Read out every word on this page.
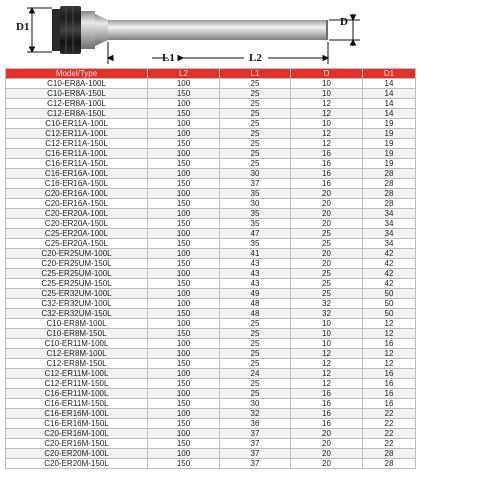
D1	D
L1	L2
Model/Type	L2	L1	D	D1
C10-ER8A-100L	100	25	10	14
C10-ER8A-150L	150	25	10	14
C12-ER8A-100L	100	25	12	14
C12-ER8A-150L	150	25	12	14
C10-ER11A-100L	100	25	10	19
C12-ER11A-100L	100	25	12	19
C12-ER11A-150L	150	25	12	19
C16-ER11A-100L	100	25	16	19
C16-ER11A-150L	150	25	16	19
C16-ER16A-100L	100	30	16	28
C16-ER16A-150L	150	37	16	28
C20-ER16A-100L	100	35	20	28
C20-ER16A-150L	150	30	20	28
C20-ER20A-100L	100	35	20	34
C20-ER20A-150L	150	35	20	34
C25-ER20A-100L	100	47	25	34
C25-ER20A-150L	150	35	25	34
C20-ER25UM-100L	100	41	20	42
C20-ER25UM-150L	150	43	20	42
C25-ER25UM-100L	100	43	25	42
C25-ER25UM-150L	150	43	25	42
C25-ER32UM-100L	100	49	25	50
C32-ER32UM-100L	100	48	32	50
C32-ER32UM-150L	150	48	32	50
C10-ER8M-100L	100	25	10	12
C10-ER8M-150L	150	25	10	12
C10-ER11M-100L	100	25	10	16
C12-ER8M-100L	100	25	12	12
C12-ER8M-150L	150	25	12	12
C12-ER11M-100L	100	24	12	16
C12-ER11M-150L	150	25	12	16
C16-ER11M-100L	100	25	16	16
C16-ER11M-150L	150	30	16	16
C16-ER16M-100L	100	32	16	22
C16-ER16M-150L	150	36	16	22
C20-ER16M-100L	100	37	20	22
C20-ER16M-150L	150	37	20	22
C20-ER20M-100L	100	37	20	28
C20-ER20M-150L	150	37	20	28
